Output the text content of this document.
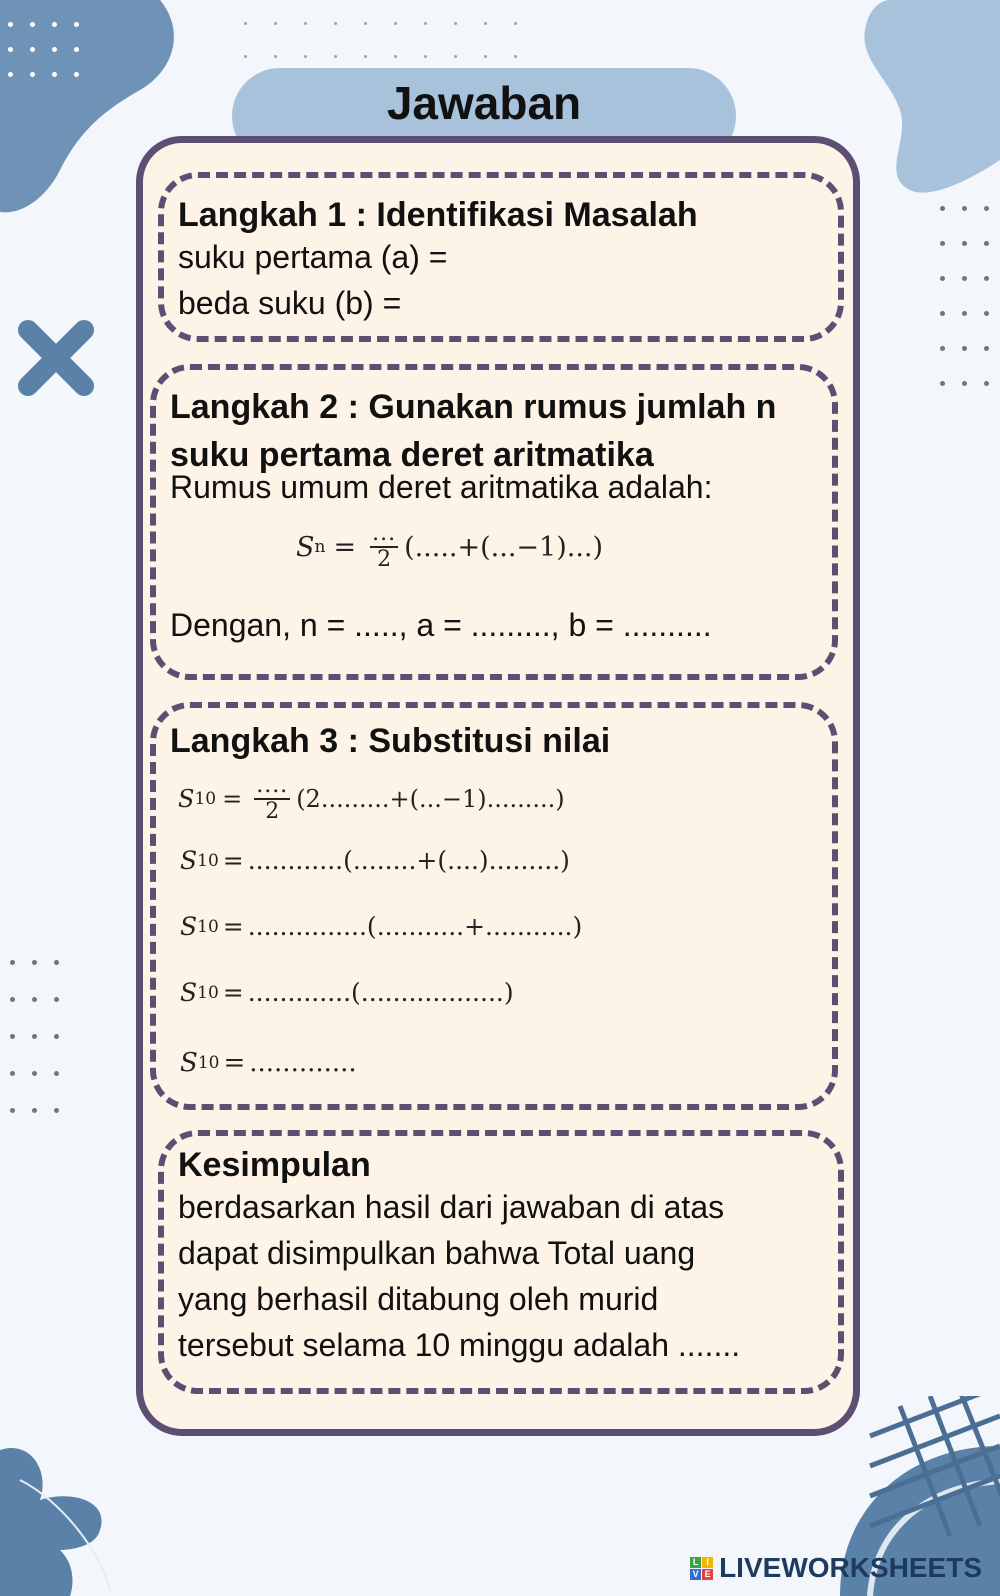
Jawaban
Langkah 1 : Identifikasi Masalah
suku pertama (a) =
beda suku (b) =
Langkah 2 : Gunakan rumus jumlah n
suku pertama deret aritmatika
Rumus umum deret aritmatika adalah:
S $n = \frac{...}{2} (.....+(...-1)...)$
Dengan, n = ....., a = ........., b = ..........
Langkah 3 : Substitusi nilai
S $10 = \frac{....}{2} (2.........+(...-1).........)$
S 10 = ............(........+(....).........)
S 10 = ...............(...........+...........)
S 10 = .............(..................)
S 10 = .............
Kesimpulan
berdasarkan hasil dari jawaban di atas
dapat disimpulkan bahwa Total uang
yang berhasil ditabung oleh murid
tersebut selama 10 minggu adalah .......
L I
V E LIVEWORKSHEETS
